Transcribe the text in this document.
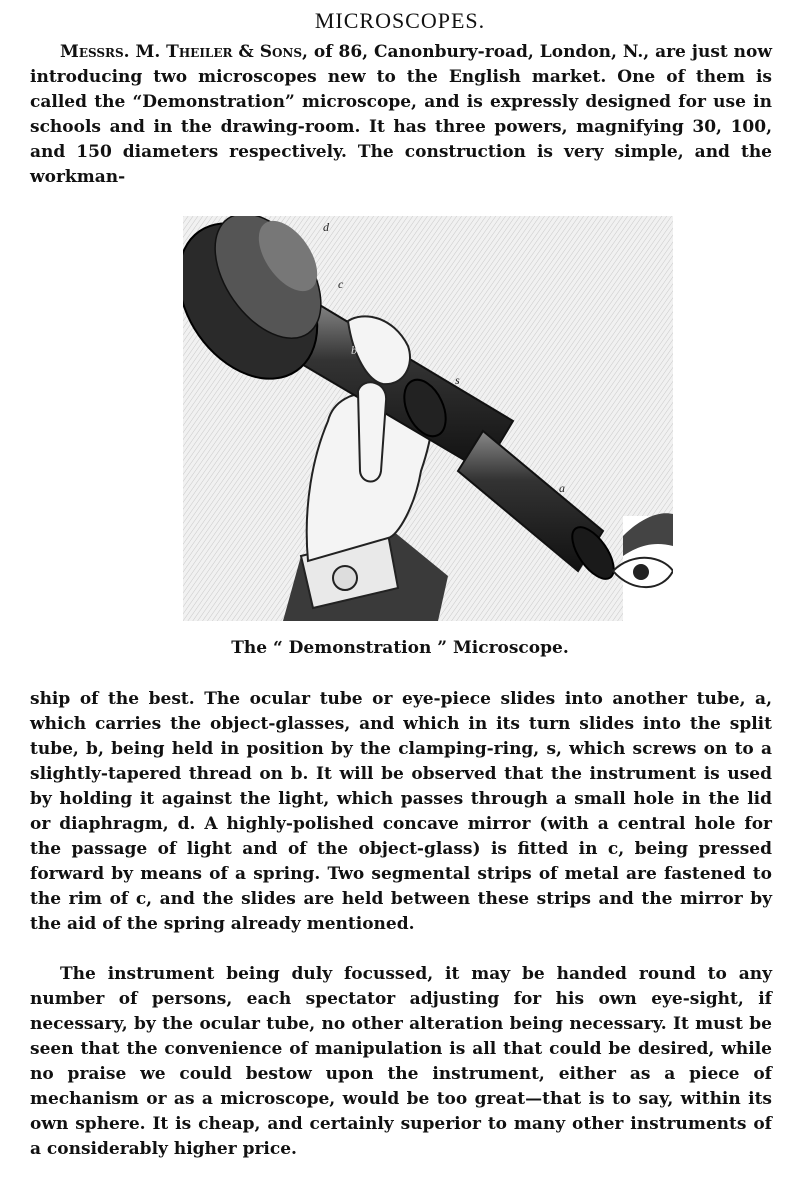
MICROSCOPES.

Messrs. M. Theiler & Sons, of 86, Canonbury-road, London, N., are just now introducing two microscopes new to the English market. One of them is called the “Demonstration” microscope, and is expressly designed for use in schools and in the drawing-room. It has three powers, magnifying 30, 100, and 150 diameters respectively. The construction is very simple, and the workman-

d
c
b
s
a

The “ Demonstration ” Microscope.

ship of the best. The ocular tube or eye-piece slides into another tube, a, which carries the object-glasses, and which in its turn slides into the split tube, b, being held in position by the clamping-ring, s, which screws on to a slightly-tapered thread on b. It will be observed that the instrument is used by holding it against the light, which passes through a small hole in the lid or diaphragm, d. A highly-polished concave mirror (with a central hole for the passage of light and of the object-glass) is fitted in c, being pressed forward by means of a spring. Two segmental strips of metal are fastened to the rim of c, and the slides are held between these strips and the mirror by the aid of the spring already mentioned.

The instrument being duly focussed, it may be handed round to any number of persons, each spectator adjusting for his own eye-sight, if necessary, by the ocular tube, no other alteration being necessary. It must be seen that the convenience of manipulation is all that could be desired, while no praise we could bestow upon the instrument, either as a piece of mechanism or as a microscope, would be too great—that is to say, within its own sphere. It is cheap, and certainly superior to many other instruments of a considerably higher price.
